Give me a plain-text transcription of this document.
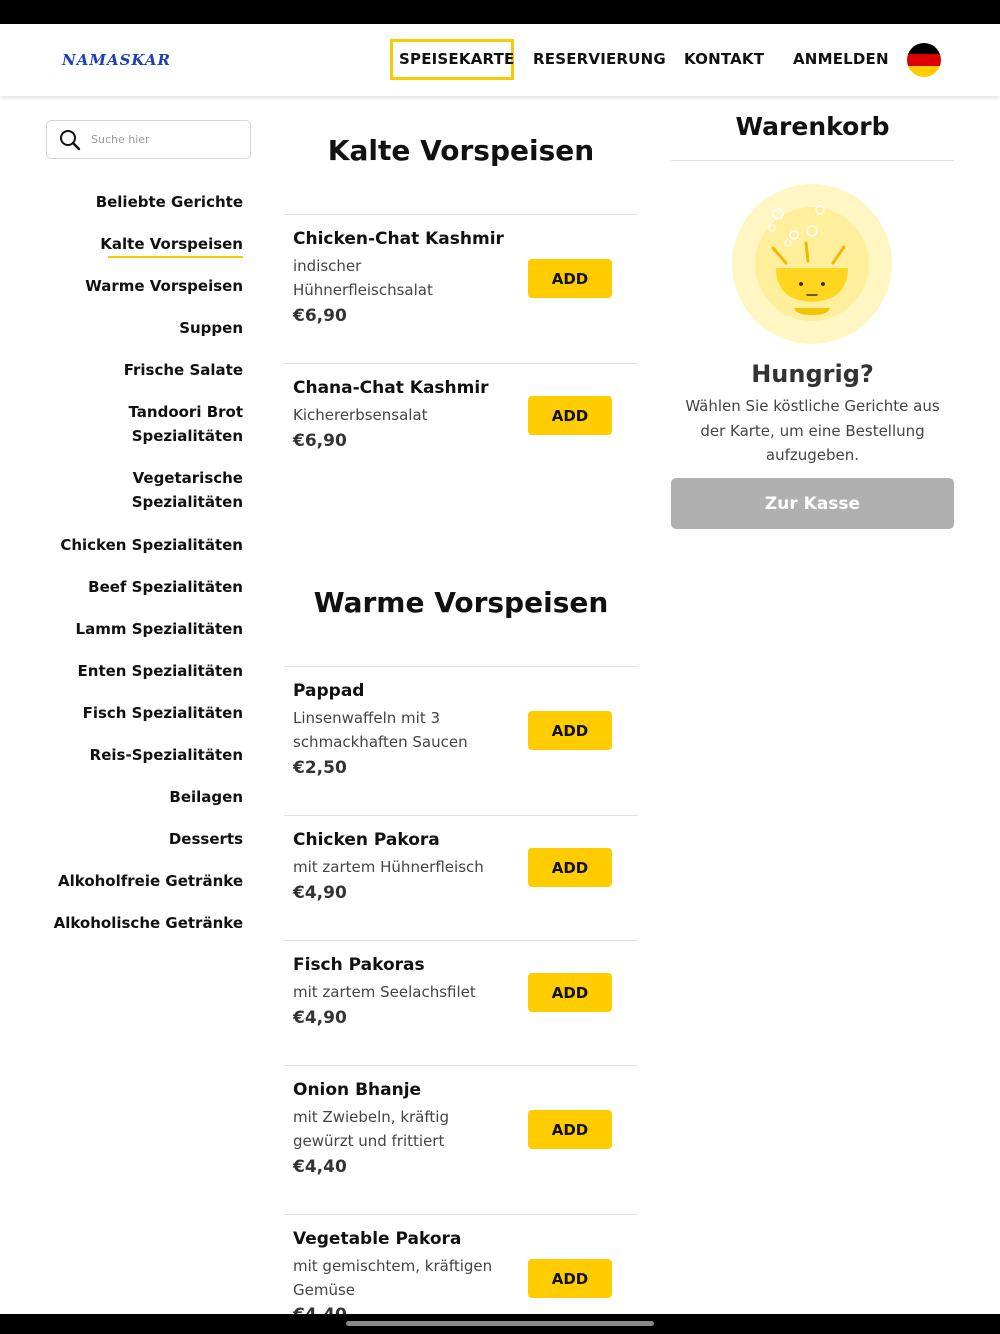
NAMASKAR	SPEISEKARTE RESERVIERUNG KONTAKT ANMELDEN
Suche hier
Beliebte Gerichte
Kalte Vorspeisen
Warme Vorspeisen
Suppen
Frische Salate
Tandoori Brot Spezialitäten
Vegetarische Spezialitäten
Chicken Spezialitäten
Beef Spezialitäten
Lamm Spezialitäten
Enten Spezialitäten
Fisch Spezialitäten
Reis-Spezialitäten
Beilagen
Desserts
Alkoholfreie Getränke
Alkoholische Getränke
Kalte Vorspeisen
Chicken-Chat Kashmir
indischer Hühnerfleischsalat
€6,90
ADD
Chana-Chat Kashmir
Kichererbsensalat
€6,90
ADD
Warme Vorspeisen
Pappad
Linsenwaffeln mit 3 schmackhaften Saucen
€2,50
ADD
Chicken Pakora
mit zartem Hühnerfleisch
€4,90
ADD
Fisch Pakoras
mit zartem Seelachsfilet
€4,90
ADD
Onion Bhanje
mit Zwiebeln, kräftig gewürzt und frittiert
€4,40
ADD
Vegetable Pakora
mit gemischtem, kräftigen Gemüse
ADD
Warenkorb
Hungrig?
Wählen Sie köstliche Gerichte aus der Karte, um eine Bestellung aufzugeben.
Zur Kasse
